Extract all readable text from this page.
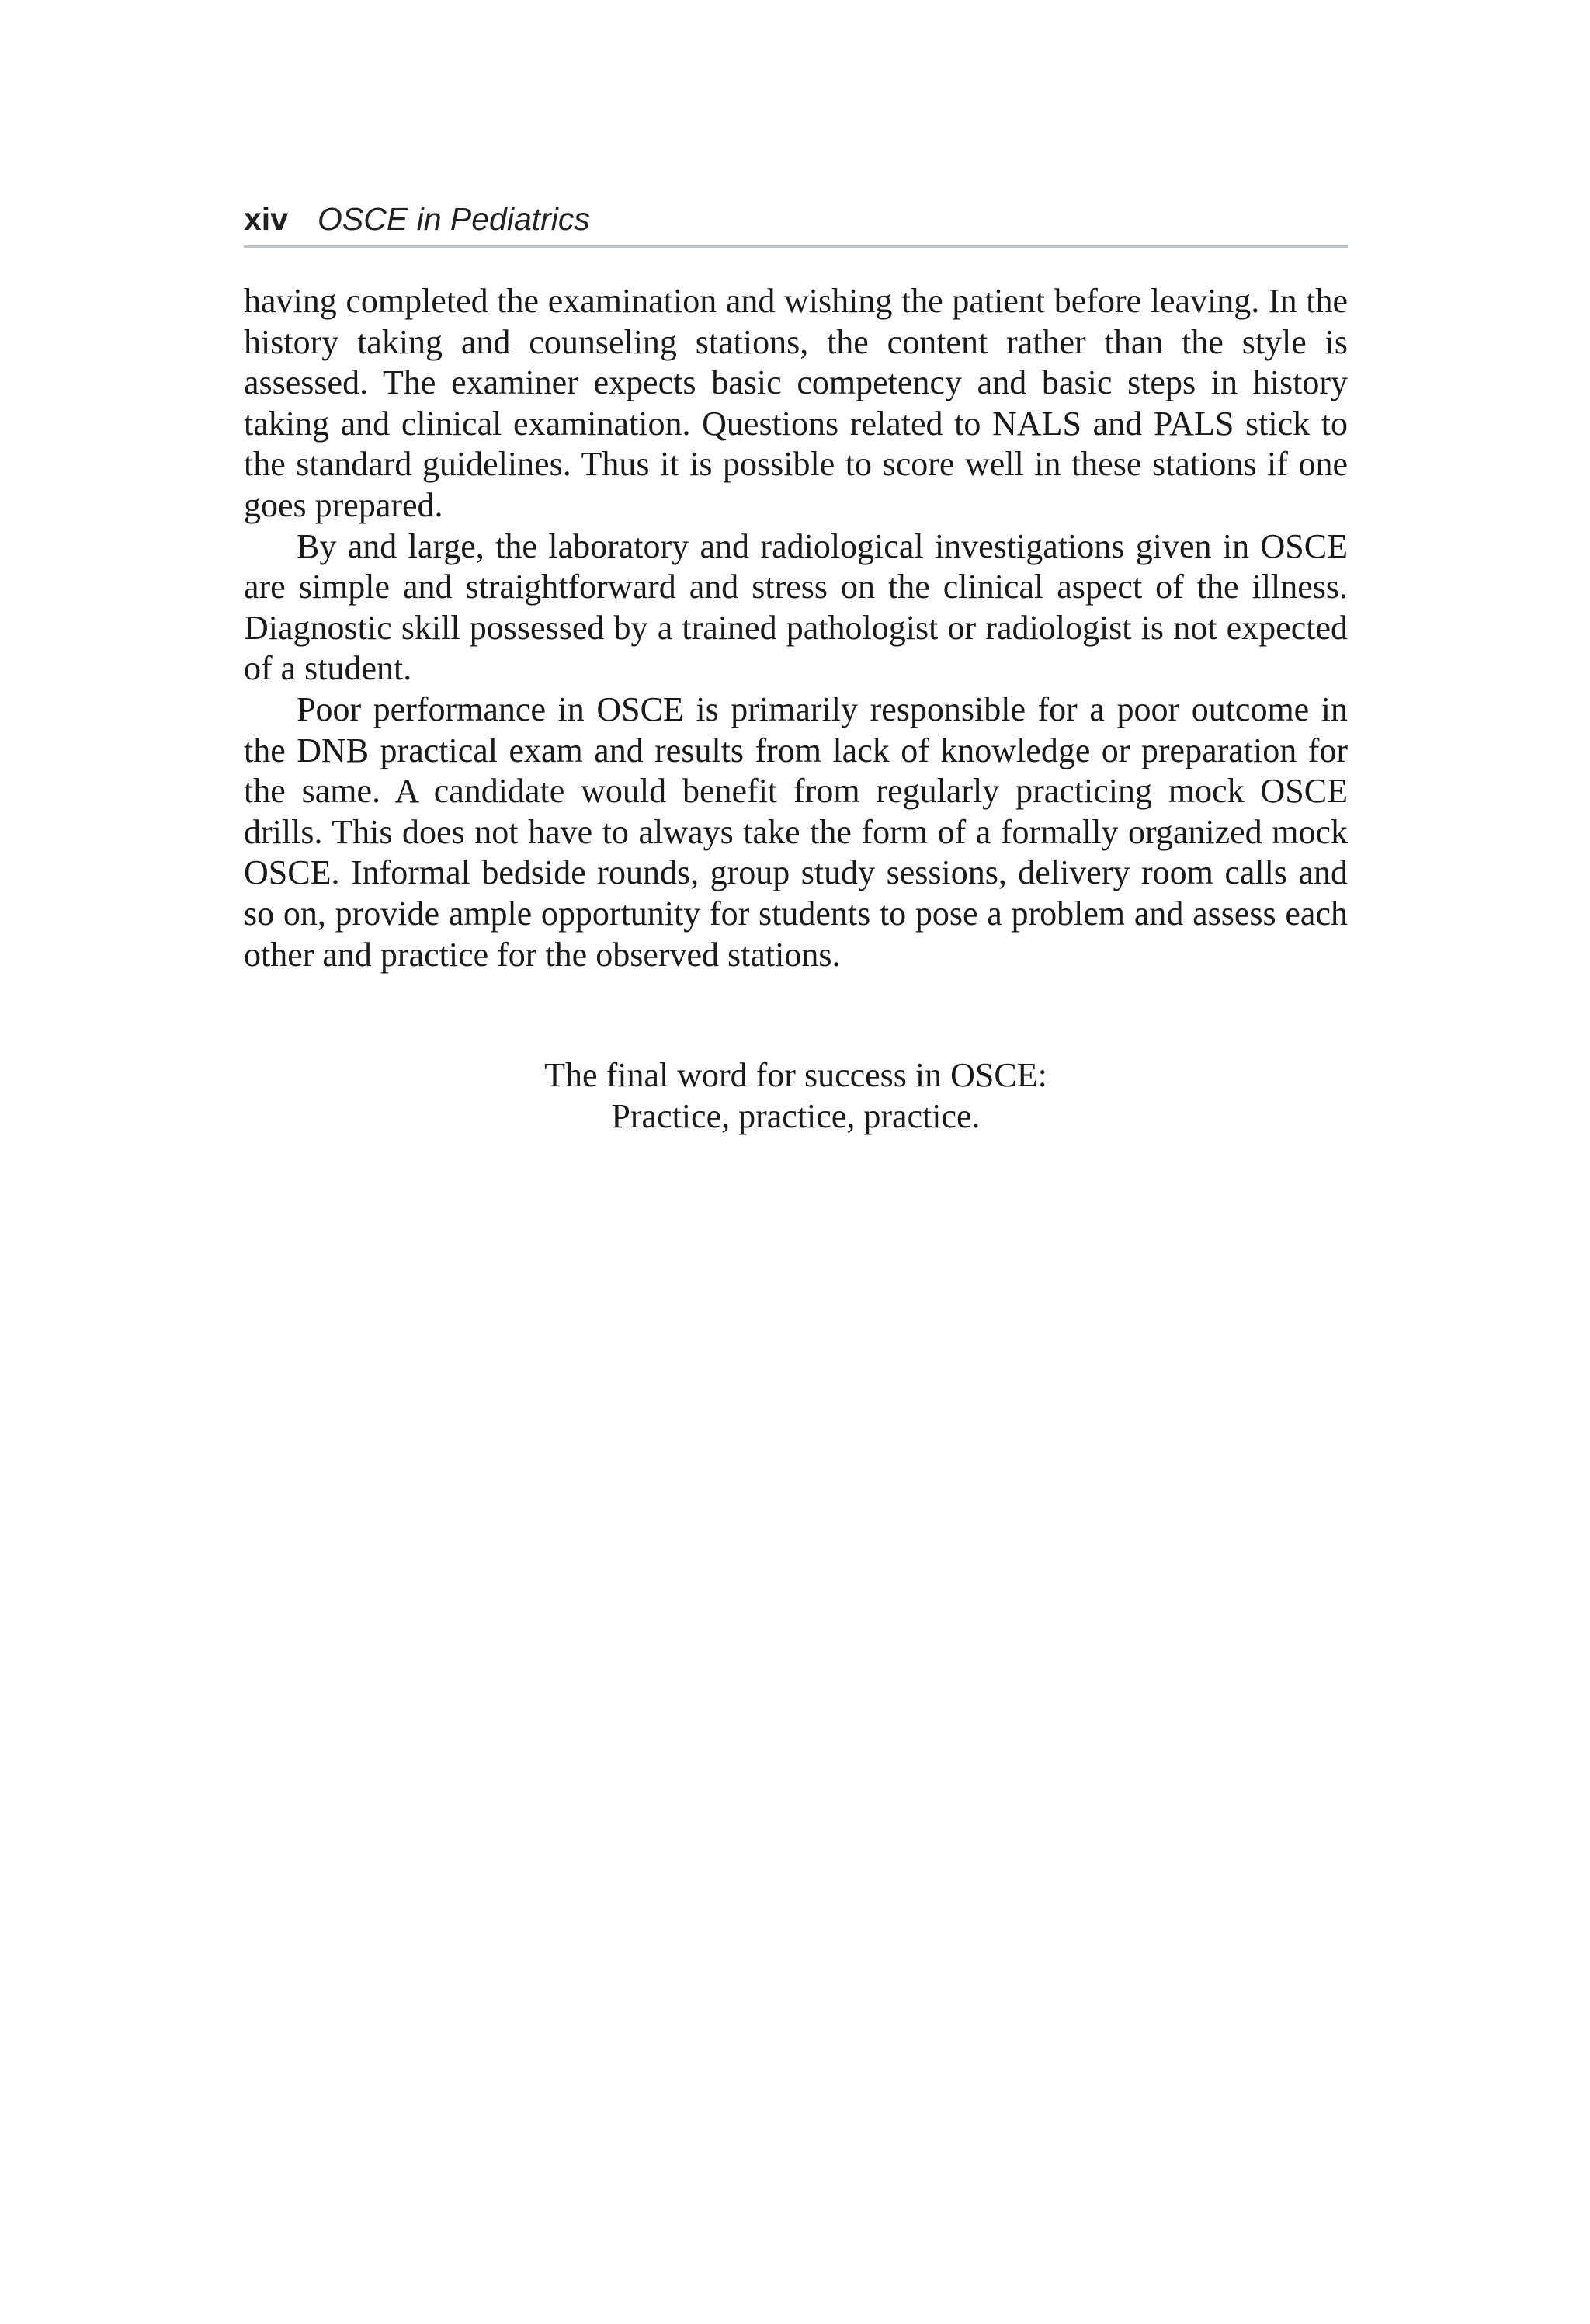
xiv OSCE in Pediatrics

having completed the examination and wishing the patient before leaving. In the history taking and counseling stations, the content rather than the style is assessed. The examiner expects basic competency and basic steps in history taking and clinical examination. Questions related to NALS and PALS stick to the standard guidelines. Thus it is possible to score well in these stations if one goes prepared.

By and large, the laboratory and radiological investigations given in OSCE are simple and straightforward and stress on the clinical aspect of the illness. Diagnostic skill possessed by a trained pathologist or radiologist is not expected of a student.

Poor performance in OSCE is primarily responsible for a poor outcome in the DNB practical exam and results from lack of knowledge or preparation for the same. A candidate would benefit from regularly practicing mock OSCE drills. This does not have to always take the form of a formally organized mock OSCE. Informal bedside rounds, group study sessions, delivery room calls and so on, provide ample opportunity for students to pose a problem and assess each other and practice for the observed stations.

The final word for success in OSCE:
Practice, practice, practice.
